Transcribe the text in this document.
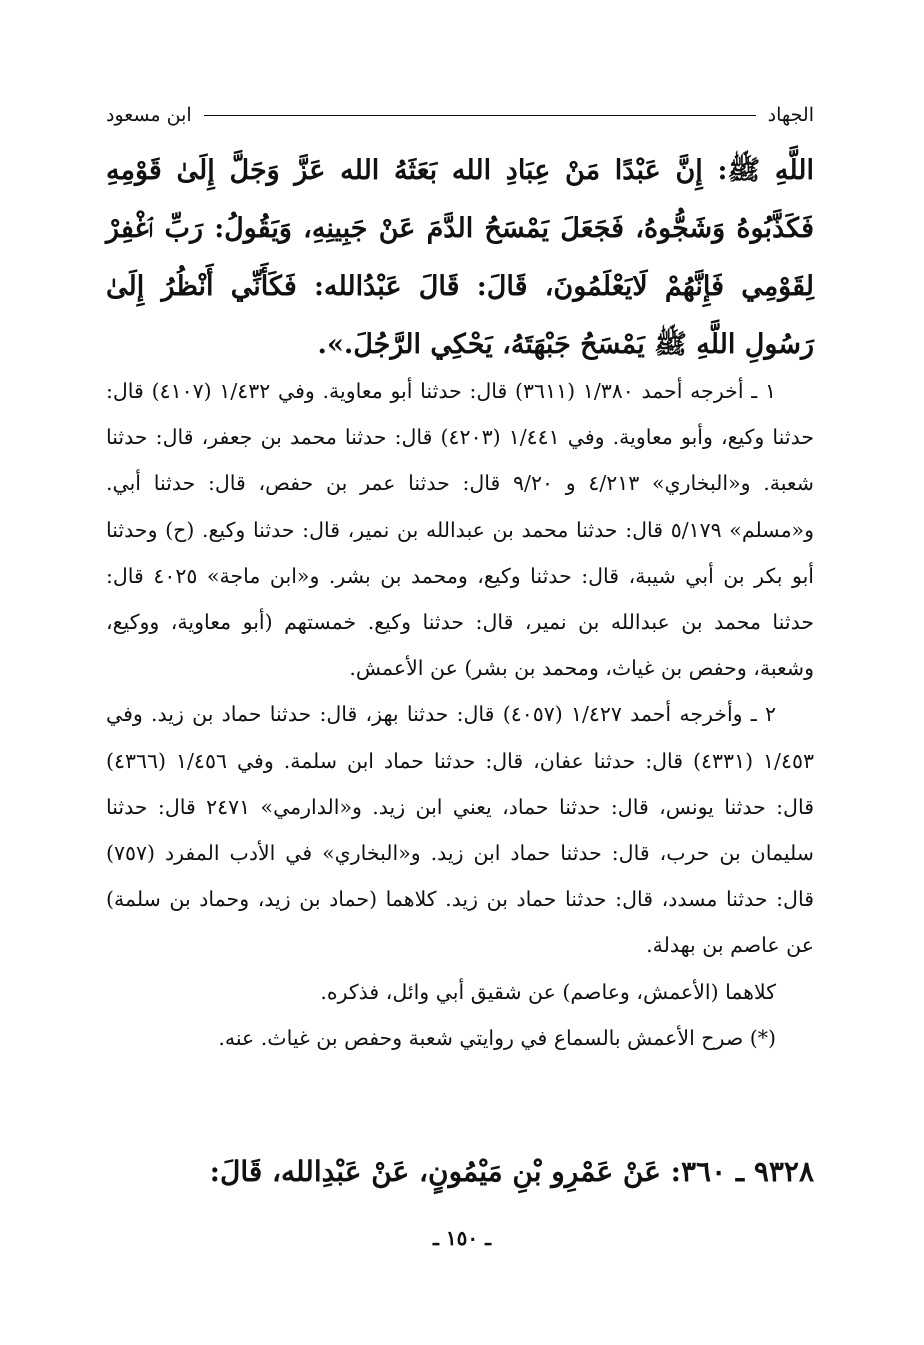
الجهاد
ابن مسعود
اللَّهِ ﷺ: إِنَّ عَبْدًا مَنْ عِبَادِ الله بَعَثَهُ الله عَزَّ وَجَلَّ إِلَىٰ قَوْمِهِ فَكَذَّبُوهُ وَشَجُّوهُ، فَجَعَلَ يَمْسَحُ الدَّمَ عَنْ جَبِينِهِ، وَيَقُولُ: رَبِّ ٱغْفِرْ لِقَوْمِي فَإِنَّهُمْ لَايَعْلَمُونَ، قَالَ: قَالَ عَبْدُالله: فَكَأَنِّي أَنْظُرُ إِلَىٰ رَسُولِ اللَّهِ ﷺ يَمْسَحُ جَبْهَتَهُ، يَحْكِي الرَّجُلَ.».

١ ـ أخرجه أحمد ١/٣٨٠ (٣٦١١) قال: حدثنا أبو معاوية. وفي ١/٤٣٢ (٤١٠٧) قال: حدثنا وكيع، وأبو معاوية. وفي ١/٤٤١ (٤٢٠٣) قال: حدثنا محمد بن جعفر، قال: حدثنا شعبة. و«البخاري» ٤/٢١٣ و ٩/٢٠ قال: حدثنا عمر بن حفص، قال: حدثنا أبي. و«مسلم» ٥/١٧٩ قال: حدثنا محمد بن عبدالله بن نمير، قال: حدثنا وكيع. (ح) وحدثنا أبو بكر بن أبي شيبة، قال: حدثنا وكيع، ومحمد بن بشر. و«ابن ماجة» ٤٠٢٥ قال: حدثنا محمد بن عبدالله بن نمير، قال: حدثنا وكيع. خمستهم (أبو معاوية، ووكيع، وشعبة، وحفص بن غياث، ومحمد بن بشر) عن الأعمش.

٢ ـ وأخرجه أحمد ١/٤٢٧ (٤٠٥٧) قال: حدثنا بهز، قال: حدثنا حماد بن زيد. وفي ١/٤٥٣ (٤٣٣١) قال: حدثنا عفان، قال: حدثنا حماد ابن سلمة. وفي ١/٤٥٦ (٤٣٦٦) قال: حدثنا يونس، قال: حدثنا حماد، يعني ابن زيد. و«الدارمي» ٢٤٧١ قال: حدثنا سليمان بن حرب، قال: حدثنا حماد ابن زيد. و«البخاري» في الأدب المفرد (٧٥٧) قال: حدثنا مسدد، قال: حدثنا حماد بن زيد. كلاهما (حماد بن زيد، وحماد بن سلمة) عن عاصم بن بهدلة.

كلاهما (الأعمش، وعاصم) عن شقيق أبي وائل، فذكره.

(*) صرح الأعمش بالسماع في روايتي شعبة وحفص بن غياث. عنه.

٩٣٢٨ ـ ٣٦٠: عَنْ عَمْرِو بْنِ مَيْمُونٍ، عَنْ عَبْدِالله، قَالَ:
ـ ١٥٠ ـ
